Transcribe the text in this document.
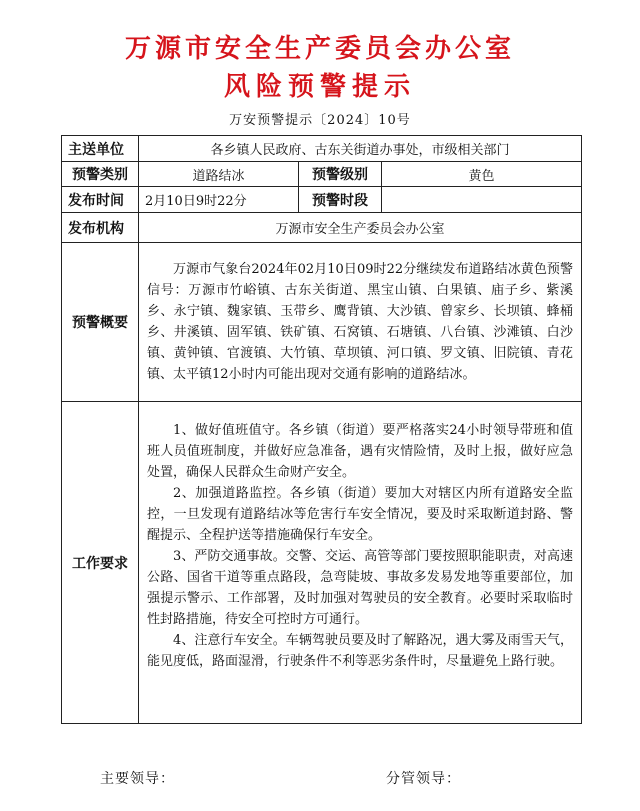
万源市安全生产委员会办公室
风险预警提示
万安预警提示〔2024〕10号
主送单位	各乡镇人民政府、古东关街道办事处，市级相关部门		
预警类别	道路结冰	预警级别	黄色
发布时间	2月10日9时22分	预警时段	
发布机构	万源市安全生产委员会办公室		
预警概要	万源市气象台2024年02月10日09时22分继续发布道路结冰黄色预警信号：万源市竹峪镇、古东关街道、黑宝山镇、白果镇、庙子乡、紫溪乡、永宁镇、魏家镇、玉带乡、鹰背镇、大沙镇、曾家乡、长坝镇、蜂桶乡、井溪镇、固军镇、铁矿镇、石窝镇、石塘镇、八台镇、沙滩镇、白沙镇、黄钟镇、官渡镇、大竹镇、草坝镇、河口镇、罗文镇、旧院镇、青花镇、太平镇12小时内可能出现对交通有影响的道路结冰。		

工作要求	1、做好值班值守。各乡镇（街道）要严格落实24小时领导带班和值班人员值班制度，并做好应急准备，遇有灾情险情，及时上报，做好应急处置，确保人民群众生命财产安全。

2、加强道路监控。各乡镇（街道）要加大对辖区内所有道路安全监控，一旦发现有道路结冰等危害行车安全情况，要及时采取断道封路、警醒提示、全程护送等措施确保行车安全。

3、严防交通事故。交警、交运、高管等部门要按照职能职责，对高速公路、国省干道等重点路段，急弯陡坡、事故多发易发地等重要部位，加强提示警示、工作部署，及时加强对驾驶员的安全教育。必要时采取临时性封路措施，待安全可控时方可通行。

4、注意行车安全。车辆驾驶员要及时了解路况，遇大雾及雨雪天气，能见度低，路面湿滑，行驶条件不利等恶劣条件时，尽量避免上路行驶。		

主要领导：	分管领导：
